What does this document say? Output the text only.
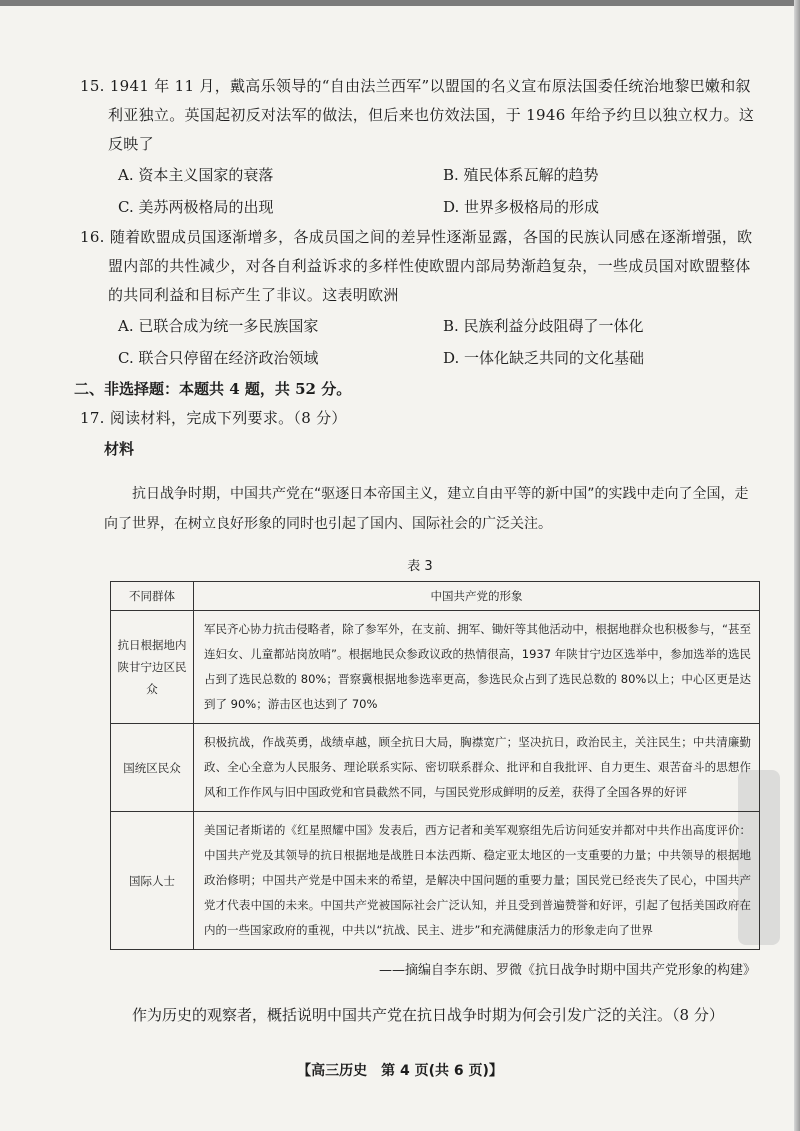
15. 1941 年 11 月，戴高乐领导的“自由法兰西军”以盟国的名义宣布原法国委任统治地黎巴嫩和叙利亚独立。英国起初反对法军的做法，但后来也仿效法国，于 1946 年给予约旦以独立权力。这反映了

A. 资本主义国家的衰落	B. 殖民体系瓦解的趋势
C. 美苏两极格局的出现	D. 世界多极格局的形成

16. 随着欧盟成员国逐渐增多，各成员国之间的差异性逐渐显露，各国的民族认同感在逐渐增强，欧盟内部的共性减少，对各自利益诉求的多样性使欧盟内部局势渐趋复杂，一些成员国对欧盟整体的共同利益和目标产生了非议。这表明欧洲

A. 已联合成为统一多民族国家	B. 民族利益分歧阻碍了一体化
C. 联合只停留在经济政治领域	D. 一体化缺乏共同的文化基础
二、非选择题：本题共 4 题，共 52 分。

17. 阅读材料，完成下列要求。（8 分）

材料

抗日战争时期，中国共产党在“驱逐日本帝国主义，建立自由平等的新中国”的实践中走向了全国，走向了世界，在树立良好形象的同时也引起了国内、国际社会的广泛关注。

表 3
不同群体	中国共产党的形象
抗日根据地内陕甘宁边区民众	军民齐心协力抗击侵略者，除了参军外，在支前、拥军、锄奸等其他活动中，根据地群众也积极参与，“甚至连妇女、儿童都站岗放哨”。根据地民众参政议政的热情很高，1937 年陕甘宁边区选举中，参加选举的选民占到了选民总数的 80%；晋察冀根据地参选率更高，参选民众占到了选民总数的 80%以上；中心区更是达到了 90%；游击区也达到了 70%
国统区民众	积极抗战，作战英勇，战绩卓越，顾全抗日大局，胸襟宽广；坚决抗日，政治民主，关注民生；中共清廉勤政、全心全意为人民服务、理论联系实际、密切联系群众、批评和自我批评、自力更生、艰苦奋斗的思想作风和工作作风与旧中国政党和官員截然不同，与国民党形成鲜明的反差，获得了全国各界的好评
国际人士	美国记者斯诺的《红星照耀中国》发表后，西方记者和美军观察组先后访问延安并都对中共作出高度评价：中国共产党及其领导的抗日根据地是战胜日本法西斯、稳定亚太地区的一支重要的力量；中共领导的根据地政治修明；中国共产党是中国未来的希望，是解决中国问题的重要力量；国民党已经丧失了民心，中国共产党才代表中国的未来。中国共产党被国际社会广泛认知，并且受到普遍赞誉和好评，引起了包括美国政府在内的一些国家政府的重视，中共以“抗战、民主、进步”和充满健康活力的形象走向了世界
——摘编自李东朗、罗微《抗日战争时期中国共产党形象的构建》

作为历史的观察者，概括说明中国共产党在抗日战争时期为何会引发广泛的关注。（8 分）

【高三历史　第 4 页(共 6 页)】
